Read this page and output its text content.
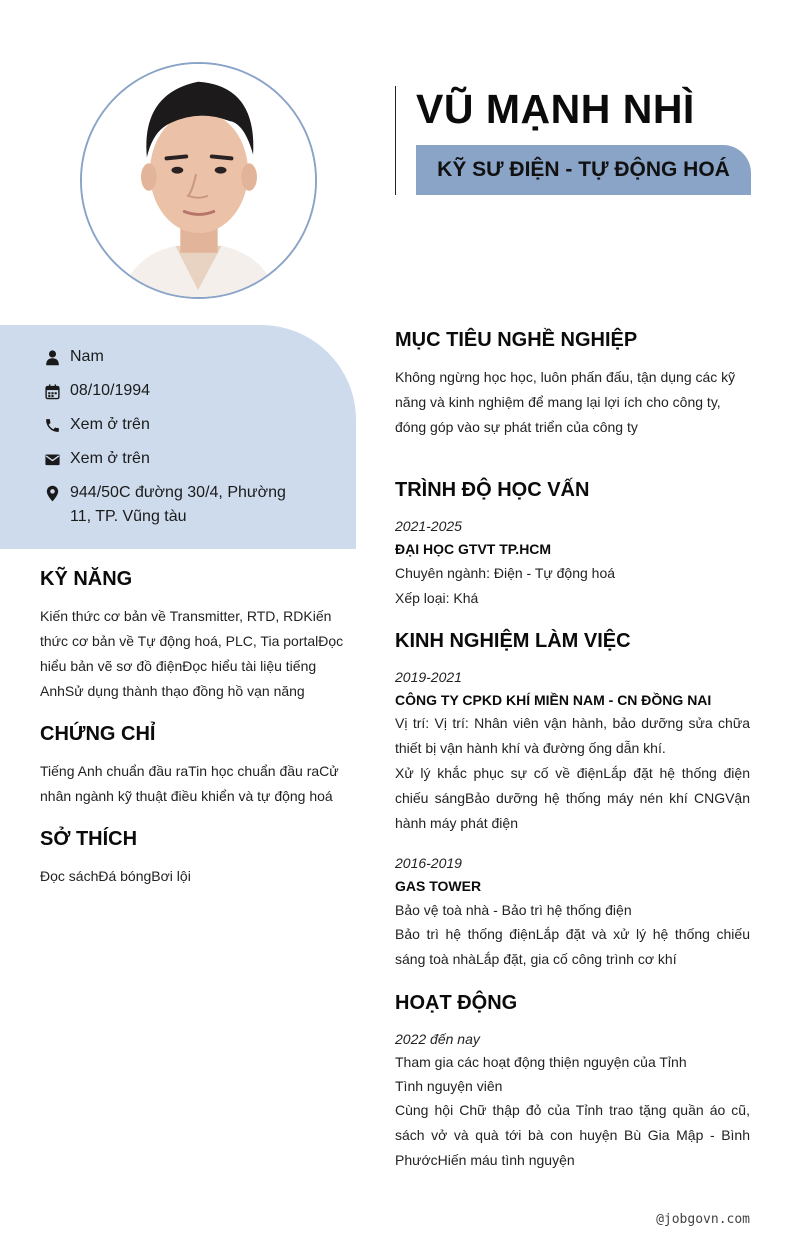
VŨ MẠNH NHÌ
KỸ SƯ ĐIỆN - TỰ ĐỘNG HOÁ
Nam
08/10/1994
Xem ở trên
Xem ở trên
944/50C đường 30/4, Phường 11, TP. Vũng tàu
KỸ NĂNG
Kiến thức cơ bản về Transmitter, RTD, RDKiến thức cơ bản về Tự động hoá, PLC, Tia portalĐọc hiểu bản vẽ sơ đồ điệnĐọc hiểu tài liệu tiếng AnhSử dụng thành thạo đồng hồ vạn năng
CHỨNG CHỈ
Tiếng Anh chuẩn đầu raTin học chuẩn đầu raCử nhân ngành kỹ thuật điều khiển và tự động hoá
SỞ THÍCH
Đọc sáchĐá bóngBơi lội
MỤC TIÊU NGHỀ NGHIỆP
Không ngừng học học, luôn phấn đấu, tận dụng các kỹ năng và kinh nghiệm để mang lại lợi ích cho công ty, đóng góp vào sự phát triển của công ty
TRÌNH ĐỘ HỌC VẤN
2021-2025
ĐẠI HỌC GTVT TP.HCM
Chuyên ngành: Điện - Tự động hoá
Xếp loại: Khá
KINH NGHIỆM LÀM VIỆC
2019-2021
CÔNG TY CPKD KHÍ MIỀN NAM - CN ĐỒNG NAI
Vị trí: Vị trí: Nhân viên vận hành, bảo dưỡng sửa chữa thiết bị vận hành khí và đường ống dẫn khí.
Xử lý khắc phục sự cố về điệnLắp đặt hệ thống điện chiếu sángBảo dưỡng hệ thống máy nén khí CNGVận hành máy phát điện
2016-2019
GAS TOWER
Bảo vệ toà nhà - Bảo trì hệ thống điện
Bảo trì hệ thống điệnLắp đặt và xử lý hệ thống chiếu sáng toà nhàLắp đặt, gia cố công trình cơ khí
HOẠT ĐỘNG
2022 đến nay
Tham gia các hoạt động thiện nguyện của Tỉnh
Tình nguyện viên
Cùng hội Chữ thập đỏ của Tỉnh trao tặng quần áo cũ, sách vở và quà tới bà con huyện Bù Gia Mập - Bình PhướcHiến máu tình nguyện
@jobgovn.com
